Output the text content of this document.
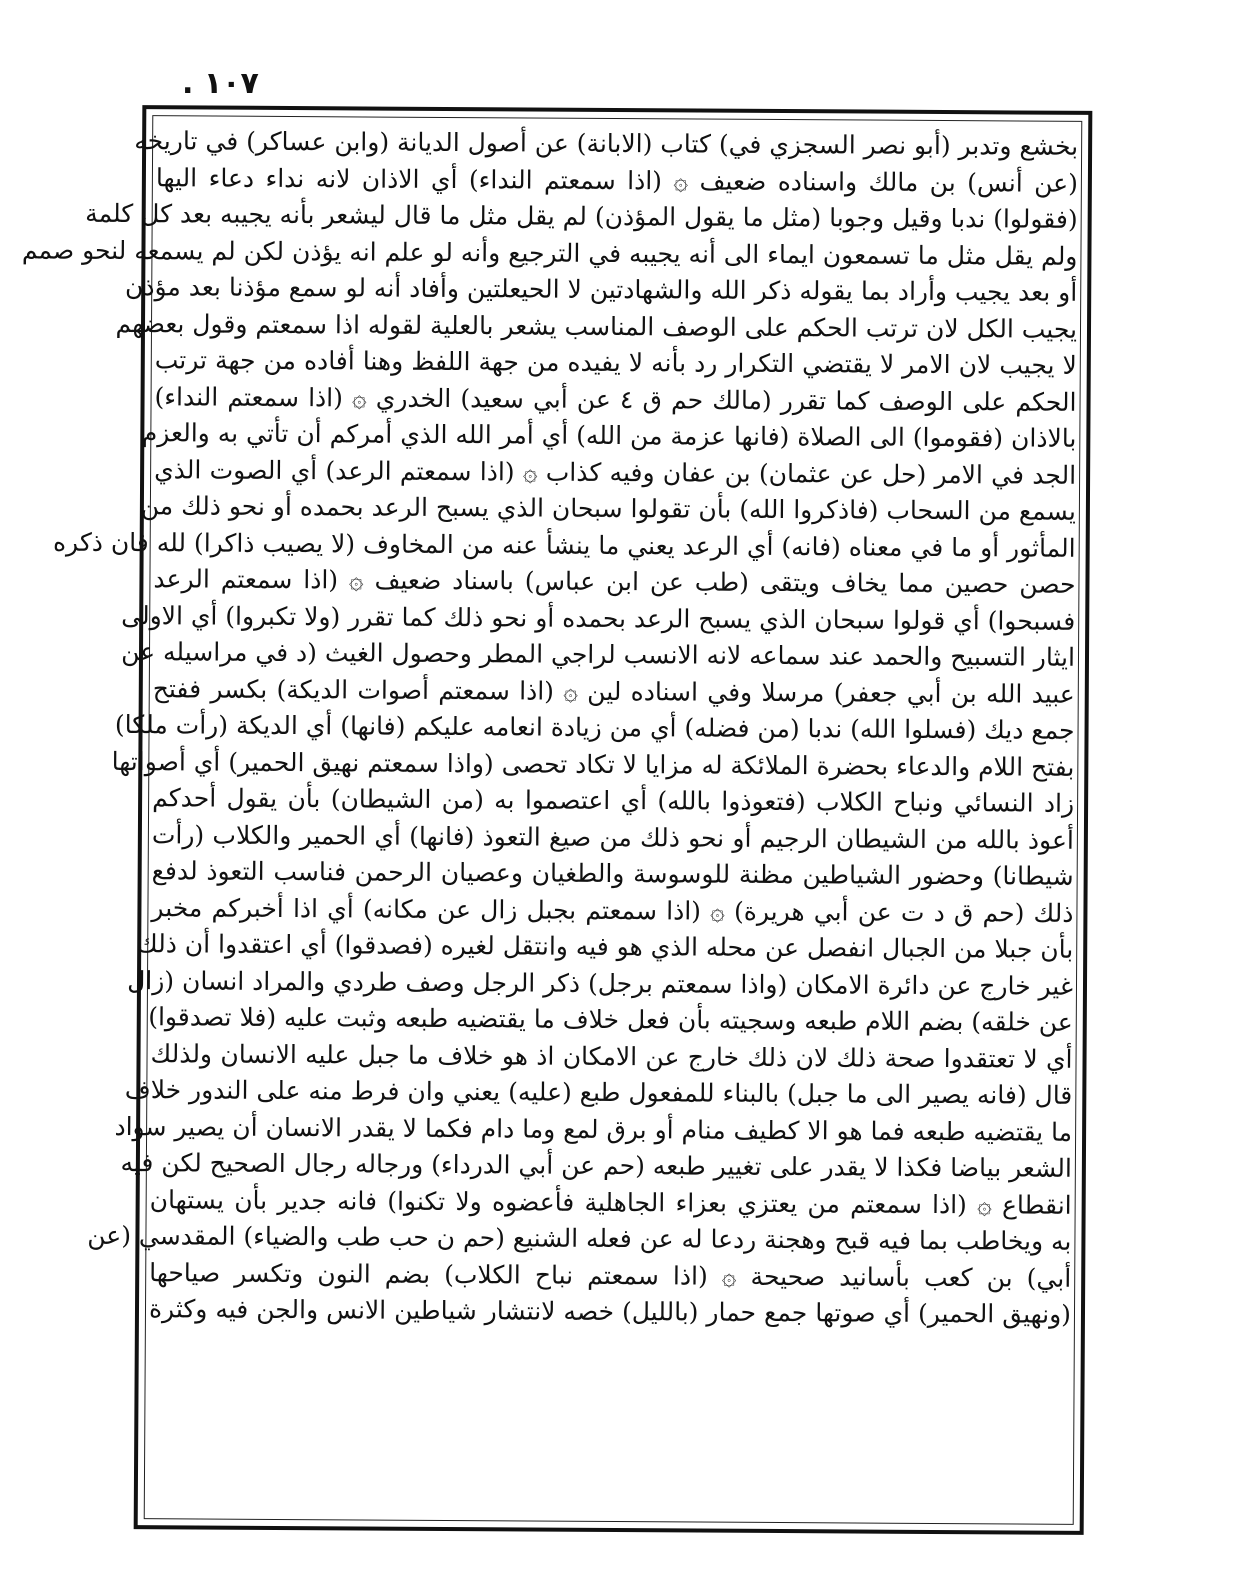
. ١٠٧
بخشع وتدبر (أبو نصر السجزي في) كتاب (الابانة) عن أصول الديانة (وابن عساكر) في تاريخه
(عن أنس) بن مالك واسناده ضعيف ۞ (اذا سمعتم النداء) أي الاذان لانه نداء دعاء اليها
(فقولوا) ندبا وقيل وجوبا (مثل ما يقول المؤذن) لم يقل مثل ما قال ليشعر بأنه يجيبه بعد كل كلمة
ولم يقل مثل ما تسمعون ايماء الى أنه يجيبه في الترجيع وأنه لو علم انه يؤذن لكن لم يسمعه لنحو صمم
أو بعد يجيب وأراد بما يقوله ذكر الله والشهادتين لا الحيعلتين وأفاد أنه لو سمع مؤذنا بعد مؤذن
يجيب الكل لان ترتب الحكم على الوصف المناسب يشعر بالعلية لقوله اذا سمعتم وقول بعضهم
لا يجيب لان الامر لا يقتضي التكرار رد بأنه لا يفيده من جهة اللفظ وهنا أفاده من جهة ترتب
الحكم على الوصف كما تقرر (مالك حم ق ٤ عن أبي سعيد) الخدري ۞ (اذا سمعتم النداء)
بالاذان (فقوموا) الى الصلاة (فانها عزمة من الله) أي أمر الله الذي أمركم أن تأتي به والعزم
الجد في الامر (حل عن عثمان) بن عفان وفيه كذاب ۞ (اذا سمعتم الرعد) أي الصوت الذي
يسمع من السحاب (فاذكروا الله) بأن تقولوا سبحان الذي يسبح الرعد بحمده أو نحو ذلك من
المأثور أو ما في معناه (فانه) أي الرعد يعني ما ينشأ عنه من المخاوف (لا يصيب ذاكرا) لله فان ذكره
حصن حصين مما يخاف ويتقى (طب عن ابن عباس) باسناد ضعيف ۞ (اذا سمعتم الرعد
فسبحوا) أي قولوا سبحان الذي يسبح الرعد بحمده أو نحو ذلك كما تقرر (ولا تكبروا) أي الاولى
ايثار التسبيح والحمد عند سماعه لانه الانسب لراجي المطر وحصول الغيث (د في مراسيله عن
عبيد الله بن أبي جعفر) مرسلا وفي اسناده لين ۞ (اذا سمعتم أصوات الديكة) بكسر ففتح
جمع ديك (فسلوا الله) ندبا (من فضله) أي من زيادة انعامه عليكم (فانها) أي الديكة (رأت ملكا)
بفتح اللام والدعاء بحضرة الملائكة له مزايا لا تكاد تحصى (واذا سمعتم نهيق الحمير) أي أصواتها
زاد النسائي ونباح الكلاب (فتعوذوا بالله) أي اعتصموا به (من الشيطان) بأن يقول أحدكم
أعوذ بالله من الشيطان الرجيم أو نحو ذلك من صيغ التعوذ (فانها) أي الحمير والكلاب (رأت
شيطانا) وحضور الشياطين مظنة للوسوسة والطغيان وعصيان الرحمن فناسب التعوذ لدفع
ذلك (حم ق د ت عن أبي هريرة) ۞ (اذا سمعتم بجبل زال عن مكانه) أي اذا أخبركم مخبر
بأن جبلا من الجبال انفصل عن محله الذي هو فيه وانتقل لغيره (فصدقوا) أي اعتقدوا أن ذلك
غير خارج عن دائرة الامكان (واذا سمعتم برجل) ذكر الرجل وصف طردي والمراد انسان (زال
عن خلقه) بضم اللام طبعه وسجيته بأن فعل خلاف ما يقتضيه طبعه وثبت عليه (فلا تصدقوا)
أي لا تعتقدوا صحة ذلك لان ذلك خارج عن الامكان اذ هو خلاف ما جبل عليه الانسان ولذلك
قال (فانه يصير الى ما جبل) بالبناء للمفعول طبع (عليه) يعني وان فرط منه على الندور خلاف
ما يقتضيه طبعه فما هو الا كطيف منام أو برق لمع وما دام فكما لا يقدر الانسان أن يصير سواد
الشعر بياضا فكذا لا يقدر على تغيير طبعه (حم عن أبي الدرداء) ورجاله رجال الصحيح لكن فيه
انقطاع ۞ (اذا سمعتم من يعتزي بعزاء الجاهلية فأعضوه ولا تكنوا) فانه جدير بأن يستهان
به ويخاطب بما فيه قبح وهجنة ردعا له عن فعله الشنيع (حم ن حب طب والضياء) المقدسي (عن
أبي) بن كعب بأسانيد صحيحة ۞ (اذا سمعتم نباح الكلاب) بضم النون وتكسر صياحها
(ونهيق الحمير) أي صوتها جمع حمار (بالليل) خصه لانتشار شياطين الانس والجن فيه وكثرة
